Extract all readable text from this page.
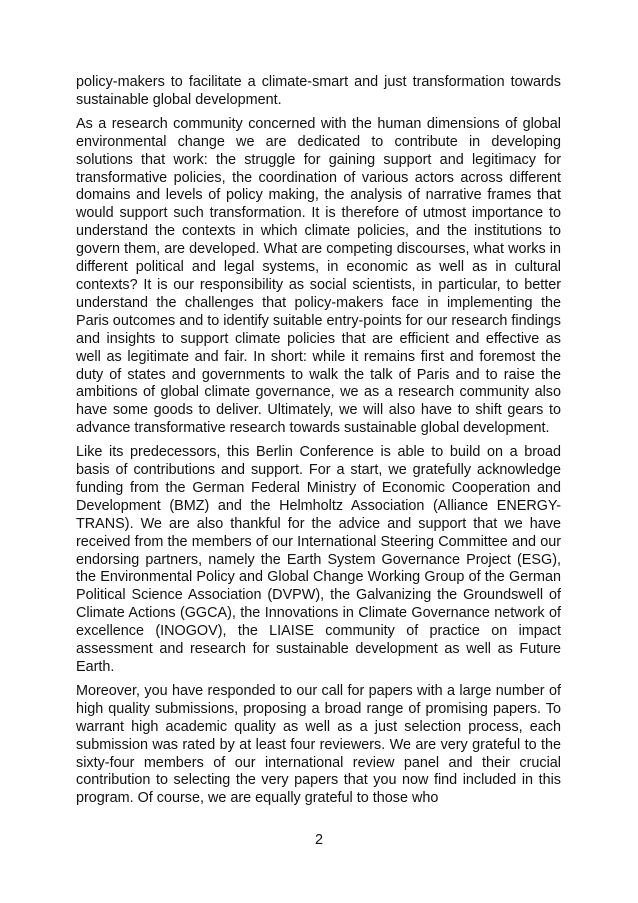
policy-makers to facilitate a climate-smart and just transformation towards sustainable global development.

As a research community concerned with the human dimensions of global environmental change we are dedicated to contribute in developing solutions that work: the struggle for gaining support and legitimacy for transformative policies, the coordination of various actors across different domains and levels of policy making, the analysis of narrative frames that would support such transformation. It is therefore of utmost importance to understand the contexts in which climate policies, and the institutions to govern them, are developed. What are competing discourses, what works in different political and legal systems, in economic as well as in cultural contexts? It is our responsibility as social scientists, in particular, to better understand the challenges that policy-makers face in implementing the Paris outcomes and to identify suitable entry-points for our research findings and insights to support climate policies that are efficient and effective as well as legitimate and fair. In short: while it remains first and foremost the duty of states and governments to walk the talk of Paris and to raise the ambitions of global climate governance, we as a research community also have some goods to deliver. Ultimately, we will also have to shift gears to advance transformative research towards sustainable global development.

Like its predecessors, this Berlin Conference is able to build on a broad basis of contributions and support. For a start, we gratefully acknowledge funding from the German Federal Ministry of Economic Cooperation and Development (BMZ) and the Helmholtz Association (Alliance ENERGY-TRANS). We are also thankful for the advice and support that we have received from the members of our International Steering Committee and our endorsing partners, namely the Earth System Governance Project (ESG), the Environmental Policy and Global Change Working Group of the German Political Science Association (DVPW), the Galvanizing the Groundswell of Climate Actions (GGCA), the Innovations in Climate Governance network of excellence (INOGOV), the LIAISE community of practice on impact assessment and research for sustainable development as well as Future Earth.

Moreover, you have responded to our call for papers with a large number of high quality submissions, proposing a broad range of promising papers. To warrant high academic quality as well as a just selection process, each submission was rated by at least four reviewers. We are very grateful to the sixty-four members of our international review panel and their crucial contribution to selecting the very papers that you now find included in this program. Of course, we are equally grateful to those who

2
